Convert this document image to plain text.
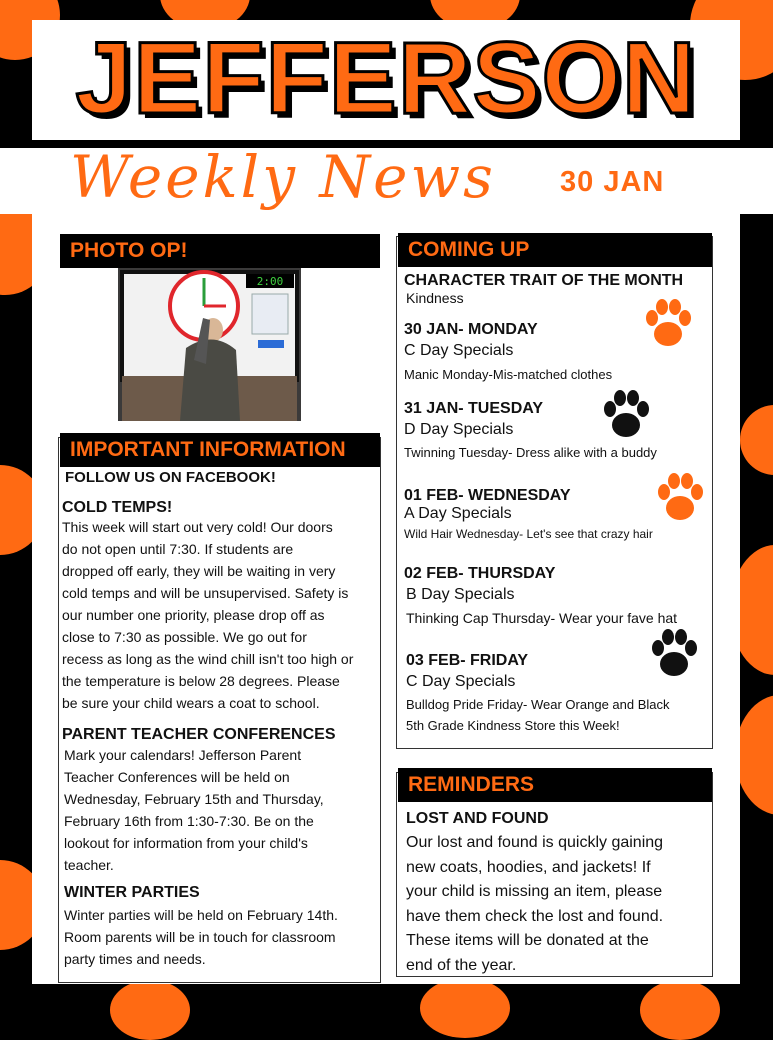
JEFFERSON
Weekly News 30 JAN
PHOTO OP!
2:00
IMPORTANT INFORMATION
FOLLOW US ON FACEBOOK!
COLD TEMPS!
This week will start out very cold! Our doors
do not open until 7:30. If students are
dropped off early, they will be waiting in very
cold temps and will be unsupervised. Safety is
our number one priority, please drop off as
close to 7:30 as possible. We go out for
recess as long as the wind chill isn't too high or
the temperature is below 28 degrees. Please
be sure your child wears a coat to school.
PARENT TEACHER CONFERENCES
Mark your calendars! Jefferson Parent
Teacher Conferences will be held on
Wednesday, February 15th and Thursday,
February 16th from 1:30-7:30. Be on the
lookout for information from your child's
teacher.
WINTER PARTIES
Winter parties will be held on February 14th.
Room parents will be in touch for classroom
party times and needs.
COMING UP
CHARACTER TRAIT OF THE MONTH
Kindness
30 JAN- MONDAY
C Day Specials
Manic Monday-Mis-matched clothes
31 JAN- TUESDAY
D Day Specials
Twinning Tuesday- Dress alike with a buddy
01 FEB- WEDNESDAY
A Day Specials
Wild Hair Wednesday- Let's see that crazy hair
02 FEB- THURSDAY
B Day Specials
Thinking Cap Thursday- Wear your fave hat
03 FEB- FRIDAY
C Day Specials
Bulldog Pride Friday- Wear Orange and Black
5th Grade Kindness Store this Week!
REMINDERS
LOST AND FOUND
Our lost and found is quickly gaining
new coats, hoodies, and jackets! If
your child is missing an item, please
have them check the lost and found.
These items will be donated at the
end of the year.
